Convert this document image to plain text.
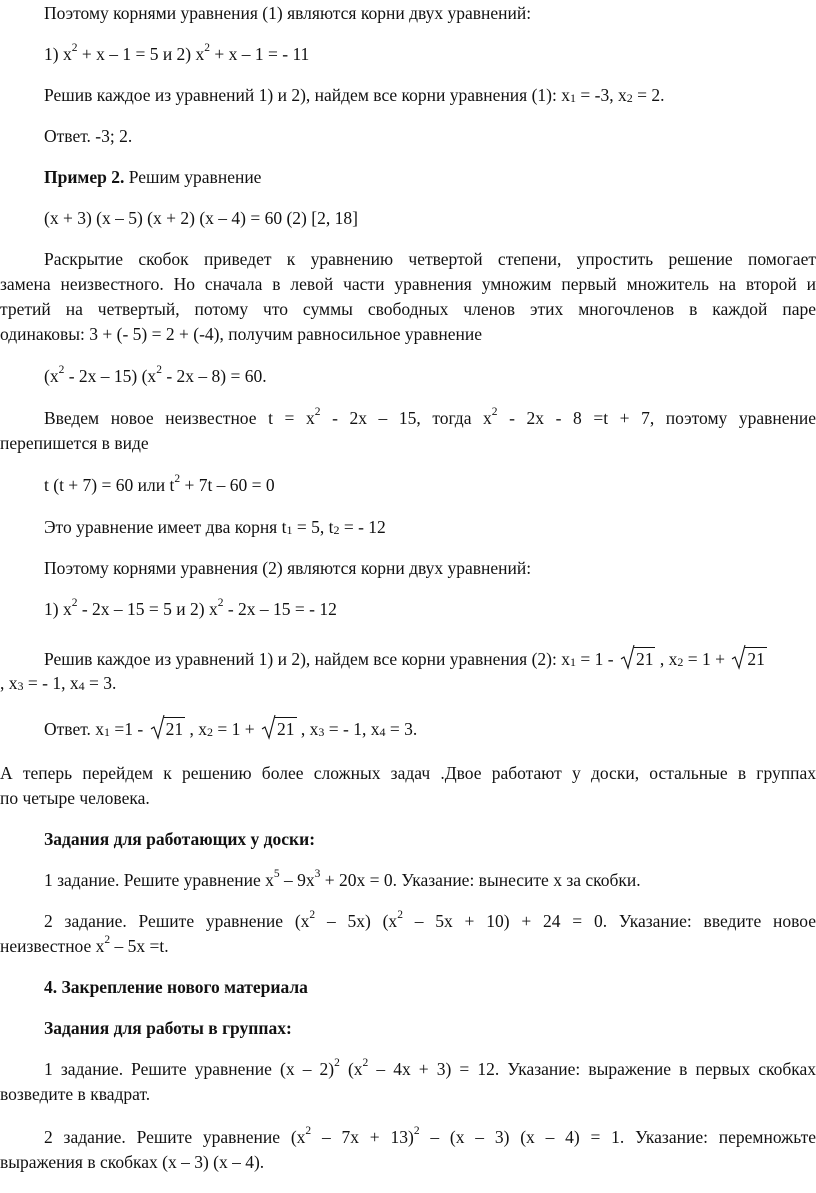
Поэтому корнями уравнения (1) являются корни двух уравнений:
1) $x^2 + x - 1 = 5$ и 2) $x^2 + x - 1$ = - 11
Решив каждое из уравнений 1) и 2), найдем все корни уравнения (1): x1 = -3, x2 = 2.
Ответ. -3; 2.
Пример 2. Решим уравнение
(x + 3) (x – 5) (x + 2) (x – 4) = 60 (2) [2, 18]
Раскрытие скобок приведет к уравнению четвертой степени, упростить решение помогает
замена неизвестного. Но сначала в левой части уравнения умножим первый множитель на второй и
третий на четвертый, потому что суммы свободных членов этих многочленов в каждой паре
одинаковы: 3 + (- 5) = 2 + (-4), получим равносильное уравнение
$(x^2 - 2x - 15)$ $(x^2 - 2x - 8) = 60$.
Введем новое неизвестное $t = x^2 - 2x - 15$, тогда $x^2 - 2x - 8 =t + 7$, поэтому уравнение
перепишется в виде
t (t + 7) = 60 или $t^2 + 7t - 60 = 0$
Это уравнение имеет два корня t1 = 5, t2 = - 12
Поэтому корнями уравнения (2) являются корни двух уравнений:
1) $x^2 - 2x - 15 = 5$ и 2) $x^2 - 2x - 15$ = - 12
Решив каждое из уравнений 1) и 2), найдем все корни уравнения (2): x1 = 1 -
21 , x2 = 1 +
21
, x3 = - 1, x4 = 3.
Ответ. x1 =1 -
21 , x2 = 1 +
21 , x3 = - 1, x4 = 3.
А теперь перейдем к решению более сложных задач .Двое работают у доски, остальные в группах
по четыре человека.
Задания для работающих у доски:
1 задание. Решите уравнение $x^5 - 9x^3 + 20x = 0$. Указание: вынесите x за скобки.
2 задание. Решите уравнение $(x^2 - 5x)$ $(x^2 - 5x + 10) + 24 = 0$. Указание: введите новое
неизвестное $x^2 - 5x =t$.
4. Закрепление нового материала
Задания для работы в группах:
1 задание. Решите уравнение (x – 2)$^2$ $(x^2 - 4x + 3) = 12$. Указание: выражение в первых скобках
возведите в квадрат.
2 задание. Решите уравнение $(x^2 - 7x + 13)^2 - (x - 3)$ (x – 4) = 1. Указание: перемножьте
выражения в скобках (x – 3) (x – 4).
